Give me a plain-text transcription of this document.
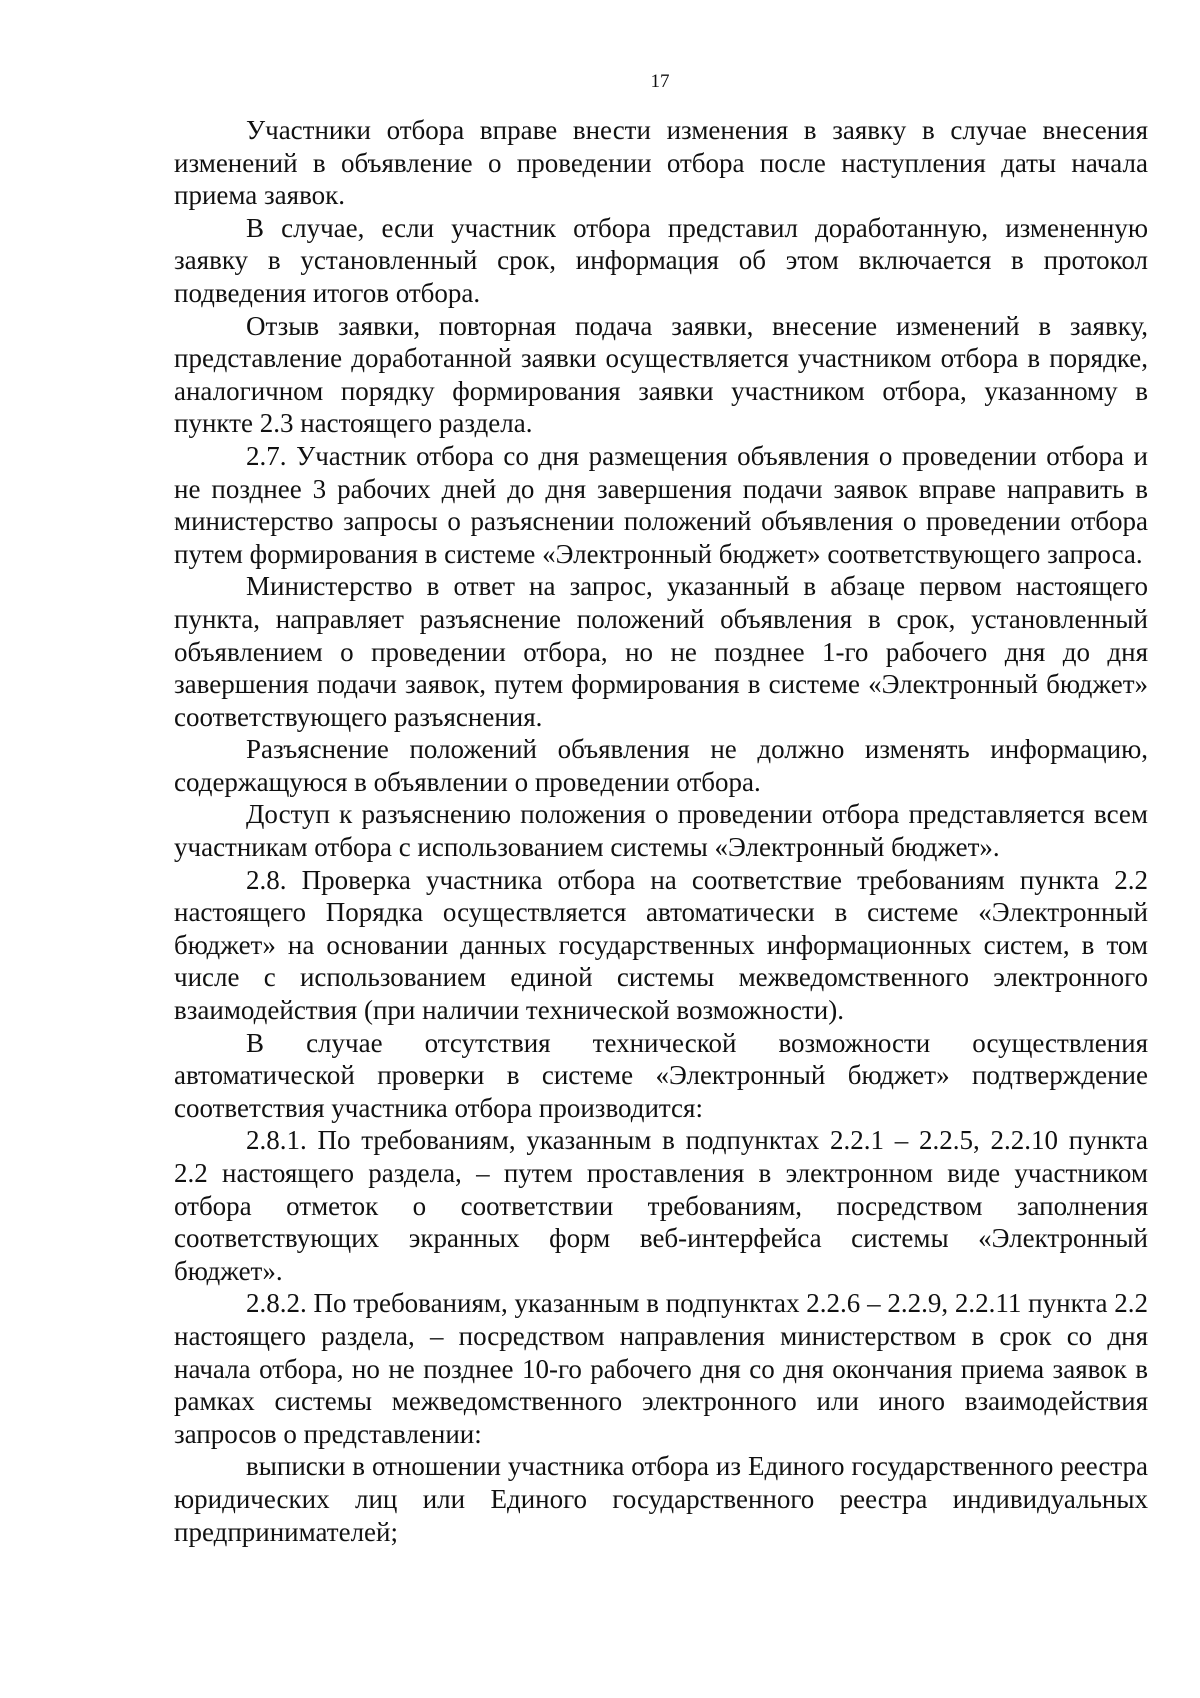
17

Участники отбора вправе внести изменения в заявку в случае внесения изменений в объявление о проведении отбора после наступления даты начала приема заявок.

В случае, если участник отбора представил доработанную, измененную заявку в установленный срок, информация об этом включается в протокол подведения итогов отбора.

Отзыв заявки, повторная подача заявки, внесение изменений в заявку, представление доработанной заявки осуществляется участником отбора в порядке, аналогичном порядку формирования заявки участником отбора, указанному в пункте 2.3 настоящего раздела.

2.7. Участник отбора со дня размещения объявления о проведении отбора и не позднее 3 рабочих дней до дня завершения подачи заявок вправе направить в министерство запросы о разъяснении положений объявления о проведении отбора путем формирования в системе «Электронный бюджет» соответствующего запроса.

Министерство в ответ на запрос, указанный в абзаце первом настоящего пункта, направляет разъяснение положений объявления в срок, установленный объявлением о проведении отбора, но не позднее 1-го рабочего дня до дня завершения подачи заявок, путем формирования в системе «Электронный бюджет» соответствующего разъяснения.

Разъяснение положений объявления не должно изменять информацию, содержащуюся в объявлении о проведении отбора.

Доступ к разъяснению положения о проведении отбора представляется всем участникам отбора с использованием системы «Электронный бюджет».

2.8. Проверка участника отбора на соответствие требованиям пункта 2.2 настоящего Порядка осуществляется автоматически в системе «Электронный бюджет» на основании данных государственных информационных систем, в том числе с использованием единой системы межведомственного электронного взаимодействия (при наличии технической возможности).

В случае отсутствия технической возможности осуществления автоматической проверки в системе «Электронный бюджет» подтверждение соответствия участника отбора производится:

2.8.1. По требованиям, указанным в подпунктах 2.2.1 – 2.2.5, 2.2.10 пункта 2.2 настоящего раздела, – путем проставления в электронном виде участником отбора отметок о соответствии требованиям, посредством заполнения соответствующих экранных форм веб-интерфейса системы «Электронный бюджет».

2.8.2. По требованиям, указанным в подпунктах 2.2.6 – 2.2.9, 2.2.11 пункта 2.2 настоящего раздела, – посредством направления министерством в срок со дня начала отбора, но не позднее 10-го рабочего дня со дня окончания приема заявок в рамках системы межведомственного электронного или иного взаимодействия запросов о представлении:

выписки в отношении участника отбора из Единого государственного реестра юридических лиц или Единого государственного реестра индивидуальных предпринимателей;
